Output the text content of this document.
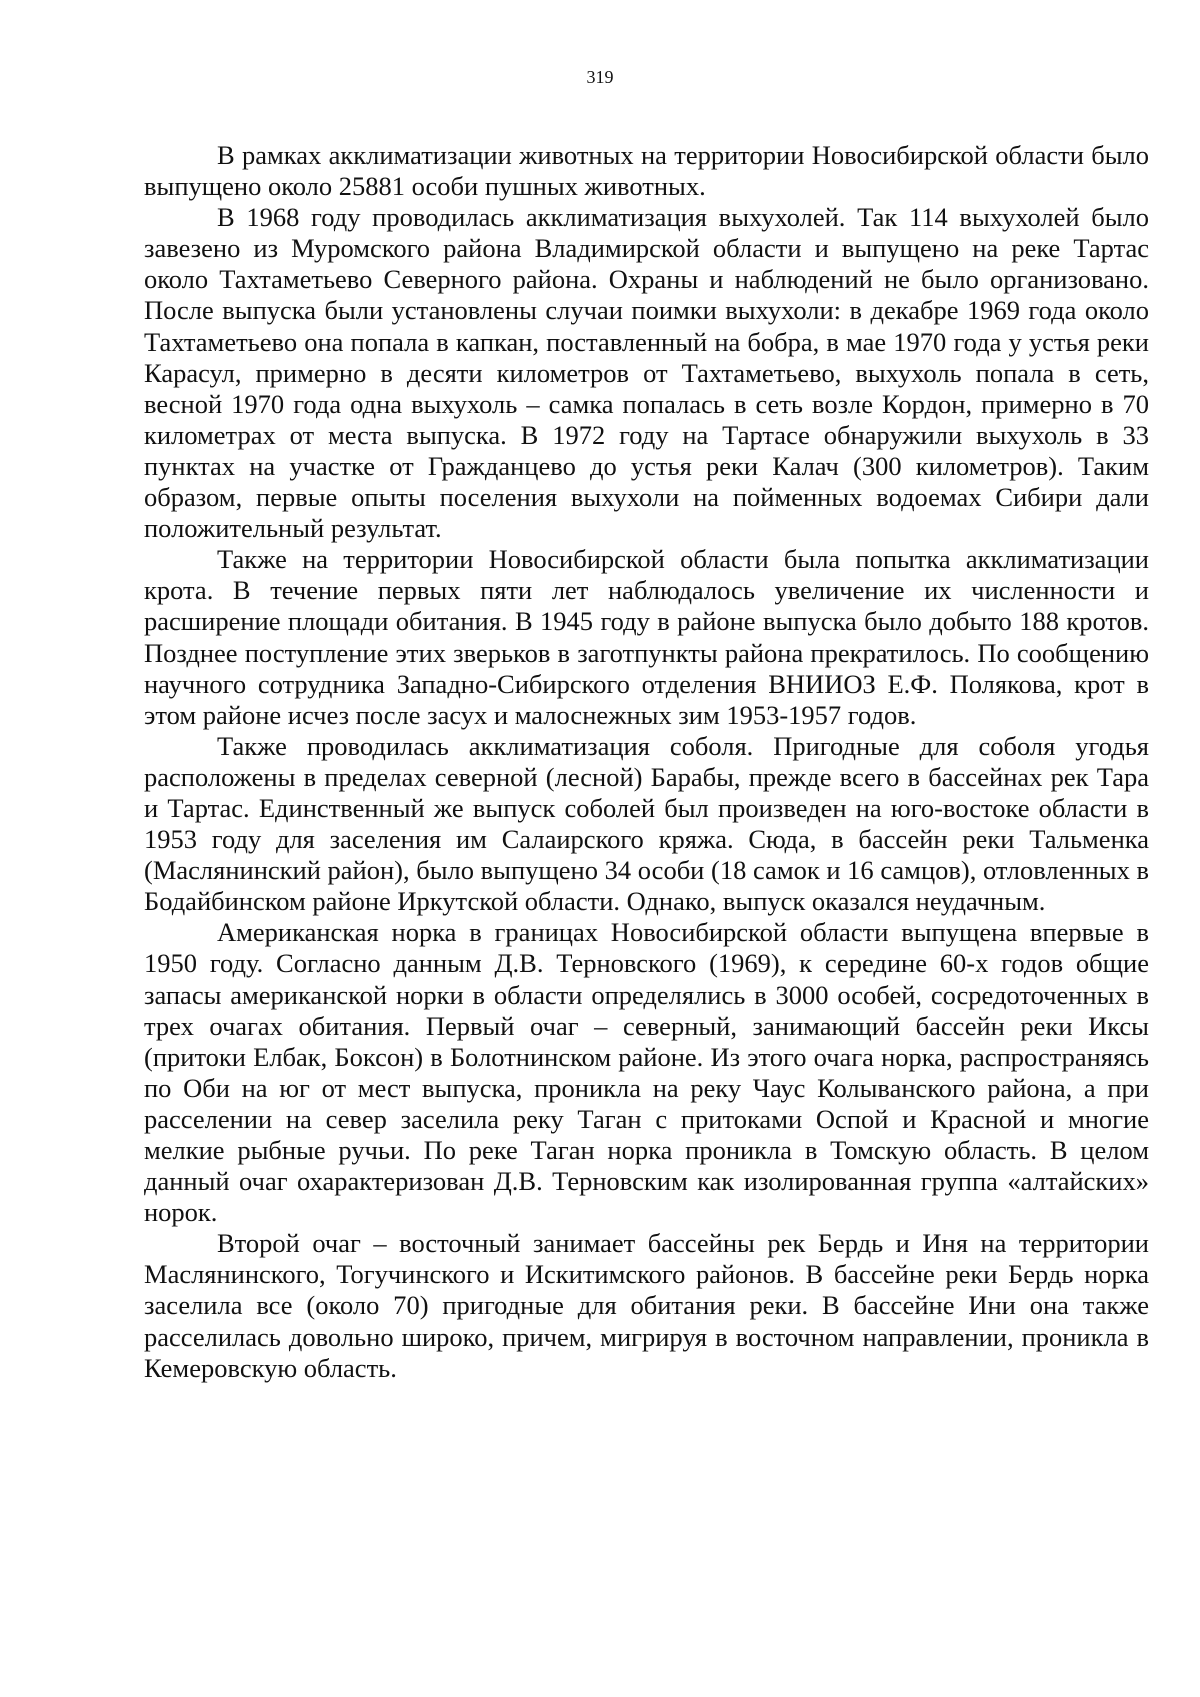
319

В рамках акклиматизации животных на территории Новосибирской области было выпущено около 25881 особи пушных животных.

В 1968 году проводилась акклиматизация выхухолей. Так 114 выхухолей было завезено из Муромского района Владимирской области и выпущено на реке Тартас около Тахтаметьево Северного района. Охраны и наблюдений не было организовано. После выпуска были установлены случаи поимки выхухоли: в декабре 1969 года около Тахтаметьево она попала в капкан, поставленный на бобра, в мае 1970 года у устья реки Карасул, примерно в десяти километров от Тахтаметьево, выхухоль попала в сеть, весной 1970 года одна выхухоль – самка попалась в сеть возле Кордон, примерно в 70 километрах от места выпуска. В 1972 году на Тартасе обнаружили выхухоль в 33 пунктах на участке от Гражданцево до устья реки Калач (300 километров). Таким образом, первые опыты поселения выхухоли на пойменных водоемах Сибири дали положительный результат.

Также на территории Новосибирской области была попытка акклиматизации крота. В течение первых пяти лет наблюдалось увеличение их численности и расширение площади обитания. В 1945 году в районе выпуска было добыто 188 кротов. Позднее поступление этих зверьков в заготпункты района прекратилось. По сообщению научного сотрудника Западно-Сибирского отделения ВНИИОЗ Е.Ф. Полякова, крот в этом районе исчез после засух и малоснежных зим 1953-1957 годов.

Также проводилась акклиматизация соболя. Пригодные для соболя угодья расположены в пределах северной (лесной) Барабы, прежде всего в бассейнах рек Тара и Тартас. Единственный же выпуск соболей был произведен на юго-востоке области в 1953 году для заселения им Салаирского кряжа. Сюда, в бассейн реки Тальменка (Маслянинский район), было выпущено 34 особи (18 самок и 16 самцов), отловленных в Бодайбинском районе Иркутской области. Однако, выпуск оказался неудачным.

Американская норка в границах Новосибирской области выпущена впервые в 1950 году. Согласно данным Д.В. Терновского (1969), к середине 60-х годов общие запасы американской норки в области определялись в 3000 особей, сосредоточенных в трех очагах обитания. Первый очаг – северный, занимающий бассейн реки Иксы (притоки Елбак, Боксон) в Болотнинском районе. Из этого очага норка, распространяясь по Оби на юг от мест выпуска, проникла на реку Чаус Колыванского района, а при расселении на север заселила реку Таган с притоками Оспой и Красной и многие мелкие рыбные ручьи. По реке Таган норка проникла в Томскую область. В целом данный очаг охарактеризован Д.В. Терновским как изолированная группа «алтайских» норок.

Второй очаг – восточный занимает бассейны рек Бердь и Иня на территории Маслянинского, Тогучинского и Искитимского районов. В бассейне реки Бердь норка заселила все (около 70) пригодные для обитания реки. В бассейне Ини она также расселилась довольно широко, причем, мигрируя в восточном направлении, проникла в Кемеровскую область.
